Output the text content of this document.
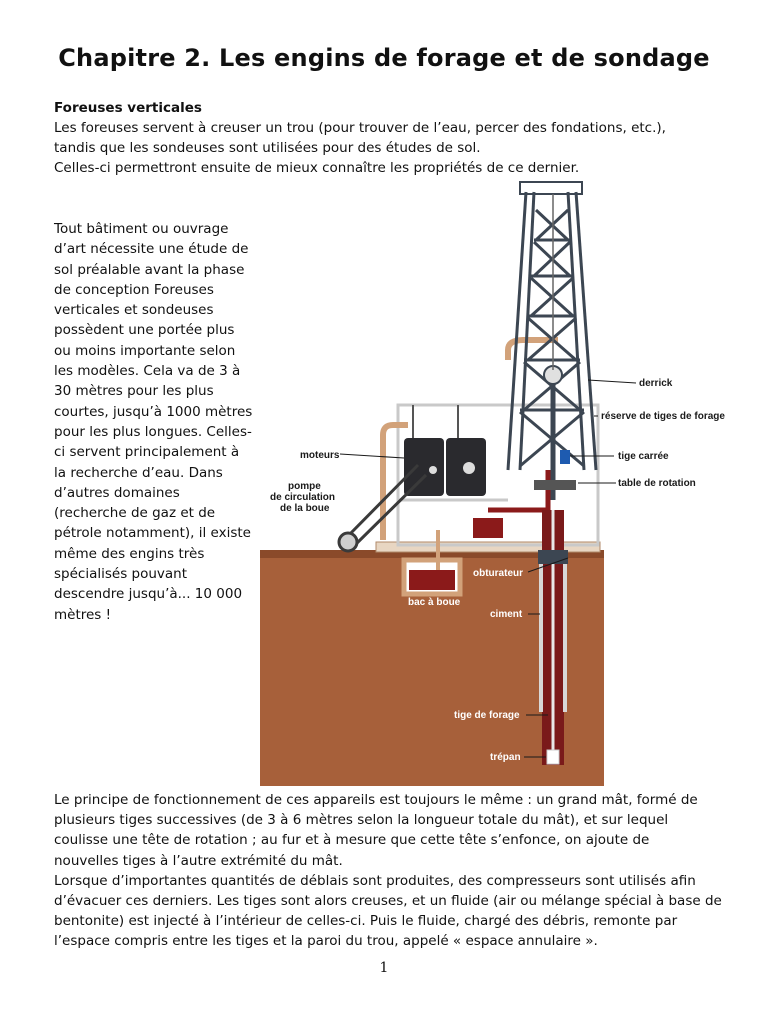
Chapitre 2. Les engins de forage et de sondage
Foreuses verticales

Les foreuses servent à creuser un trou (pour trouver de l’eau, percer des fondations, etc.),

tandis que les sondeuses sont utilisées pour des études de sol.

Celles-ci permettront ensuite de mieux connaître les propriétés de ce dernier.

Tout bâtiment ou ouvrage d’art nécessite une étude de sol préalable avant la phase de conception Foreuses verticales et sondeuses possèdent une portée plus ou moins importante selon les modèles. Cela va de 3 à 30 mètres pour les plus courtes, jusqu’à 1000 mètres pour les plus longues. Celles-ci servent principalement à la recherche d’eau. Dans d’autres domaines (recherche de gaz et de pétrole notamment), il existe même des engins très spécialisés pouvant descendre jusqu’à... 10 000 mètres !

derrick
réserve de tiges de forage
tige carrée
table de rotation
moteurs
pompe
de circulation
de la boue
tamis
obturateur
bac à boue
ciment
tige de forage
trépan

Le principe de fonctionnement de ces appareils est toujours le même : un grand mât, formé de

plusieurs tiges successives (de 3 à 6 mètres selon la longueur totale du mât), et sur lequel

coulisse une tête de rotation ; au fur et à mesure que cette tête s’enfonce, on ajoute de

nouvelles tiges à l’autre extrémité du mât.

Lorsque d’importantes quantités de déblais sont produites, des compresseurs sont utilisés afin

d’évacuer ces derniers. Les tiges sont alors creuses, et un fluide (air ou mélange spécial à base de

bentonite) est injecté à l’intérieur de celles-ci. Puis le fluide, chargé des débris, remonte par

l’espace compris entre les tiges et la paroi du trou, appelé « espace annulaire ».

1
